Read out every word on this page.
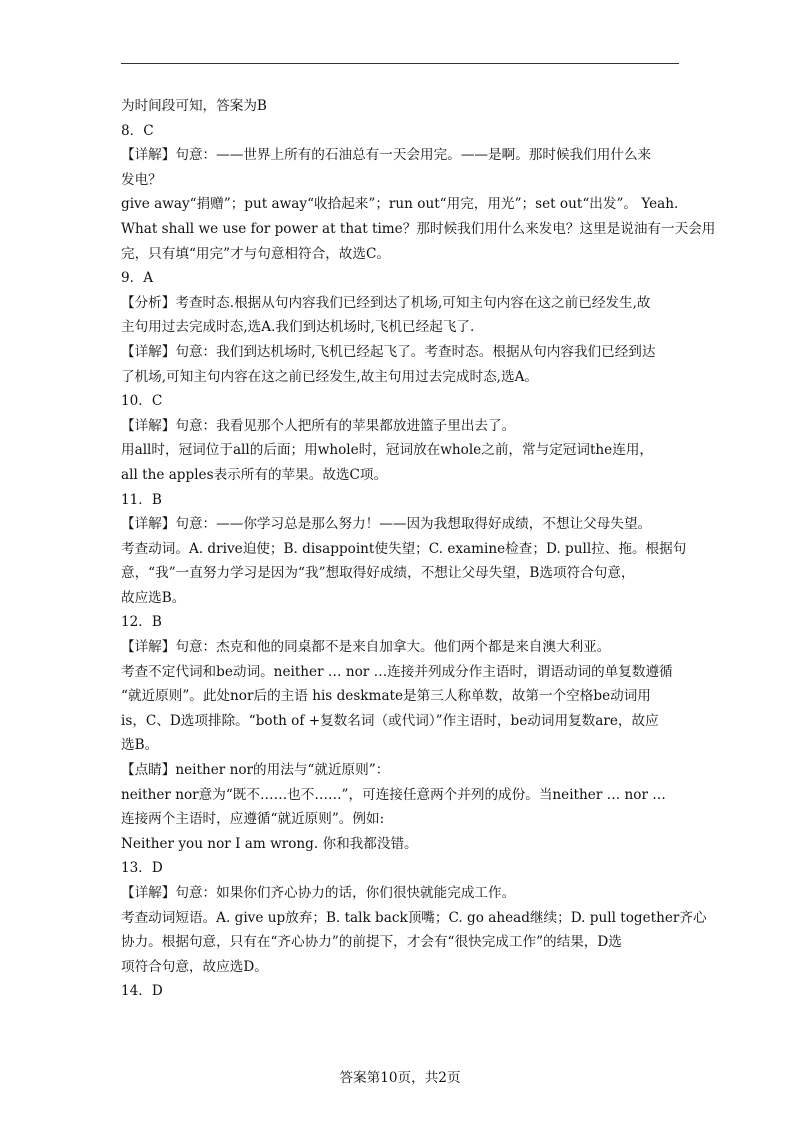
为时间段可知，答案为B
8．C
【详解】句意：——世界上所有的石油总有一天会用完。——是啊。那时候我们用什么来
发电？
give away“捐赠”；put away“收拾起来”；run out“用完，用光”；set out“出发”。 Yeah.
What shall we use for power at that time？那时候我们用什么来发电？这里是说油有一天会用
完，只有填“用完”才与句意相符合，故选C。
9．A
【分析】考查时态.根据从句内容我们已经到达了机场,可知主句内容在这之前已经发生,故
主句用过去完成时态,选A.我们到达机场时,飞机已经起飞了.
【详解】句意：我们到达机场时,飞机已经起飞了。考查时态。根据从句内容我们已经到达
了机场,可知主句内容在这之前已经发生,故主句用过去完成时态,选A。
10．C
【详解】句意：我看见那个人把所有的苹果都放进篮子里出去了。
用all时，冠词位于all的后面；用whole时，冠词放在whole之前，常与定冠词the连用，
all the apples表示所有的苹果。故选C项。
11．B
【详解】句意：——你学习总是那么努力！——因为我想取得好成绩，不想让父母失望。
考查动词。A. drive迫使；B. disappoint使失望；C. examine检查；D. pull拉、拖。根据句
意，“我”一直努力学习是因为“我”想取得好成绩，不想让父母失望，B选项符合句意，
故应选B。
12．B
【详解】句意：杰克和他的同桌都不是来自加拿大。他们两个都是来自澳大利亚。
考查不定代词和be动词。neither … nor …连接并列成分作主语时，谓语动词的单复数遵循
“就近原则”。此处nor后的主语 his deskmate是第三人称单数，故第一个空格be动词用
is，C、D选项排除。“both of +复数名词（或代词）”作主语时，be动词用复数are，故应
选B。
【点睛】neither nor的用法与“就近原则”：
neither nor意为“既不……也不……”，可连接任意两个并列的成份。当neither … nor …
连接两个主语时，应遵循“就近原则”。例如:
Neither you nor I am wrong. 你和我都没错。
13．D
【详解】句意：如果你们齐心协力的话，你们很快就能完成工作。
考查动词短语。A. give up放弃；B. talk back顶嘴；C. go ahead继续；D. pull together齐心
协力。根据句意，只有在“齐心协力”的前提下，才会有“很快完成工作”的结果，D选
项符合句意，故应选D。
14．D
答案第10页，共2页
